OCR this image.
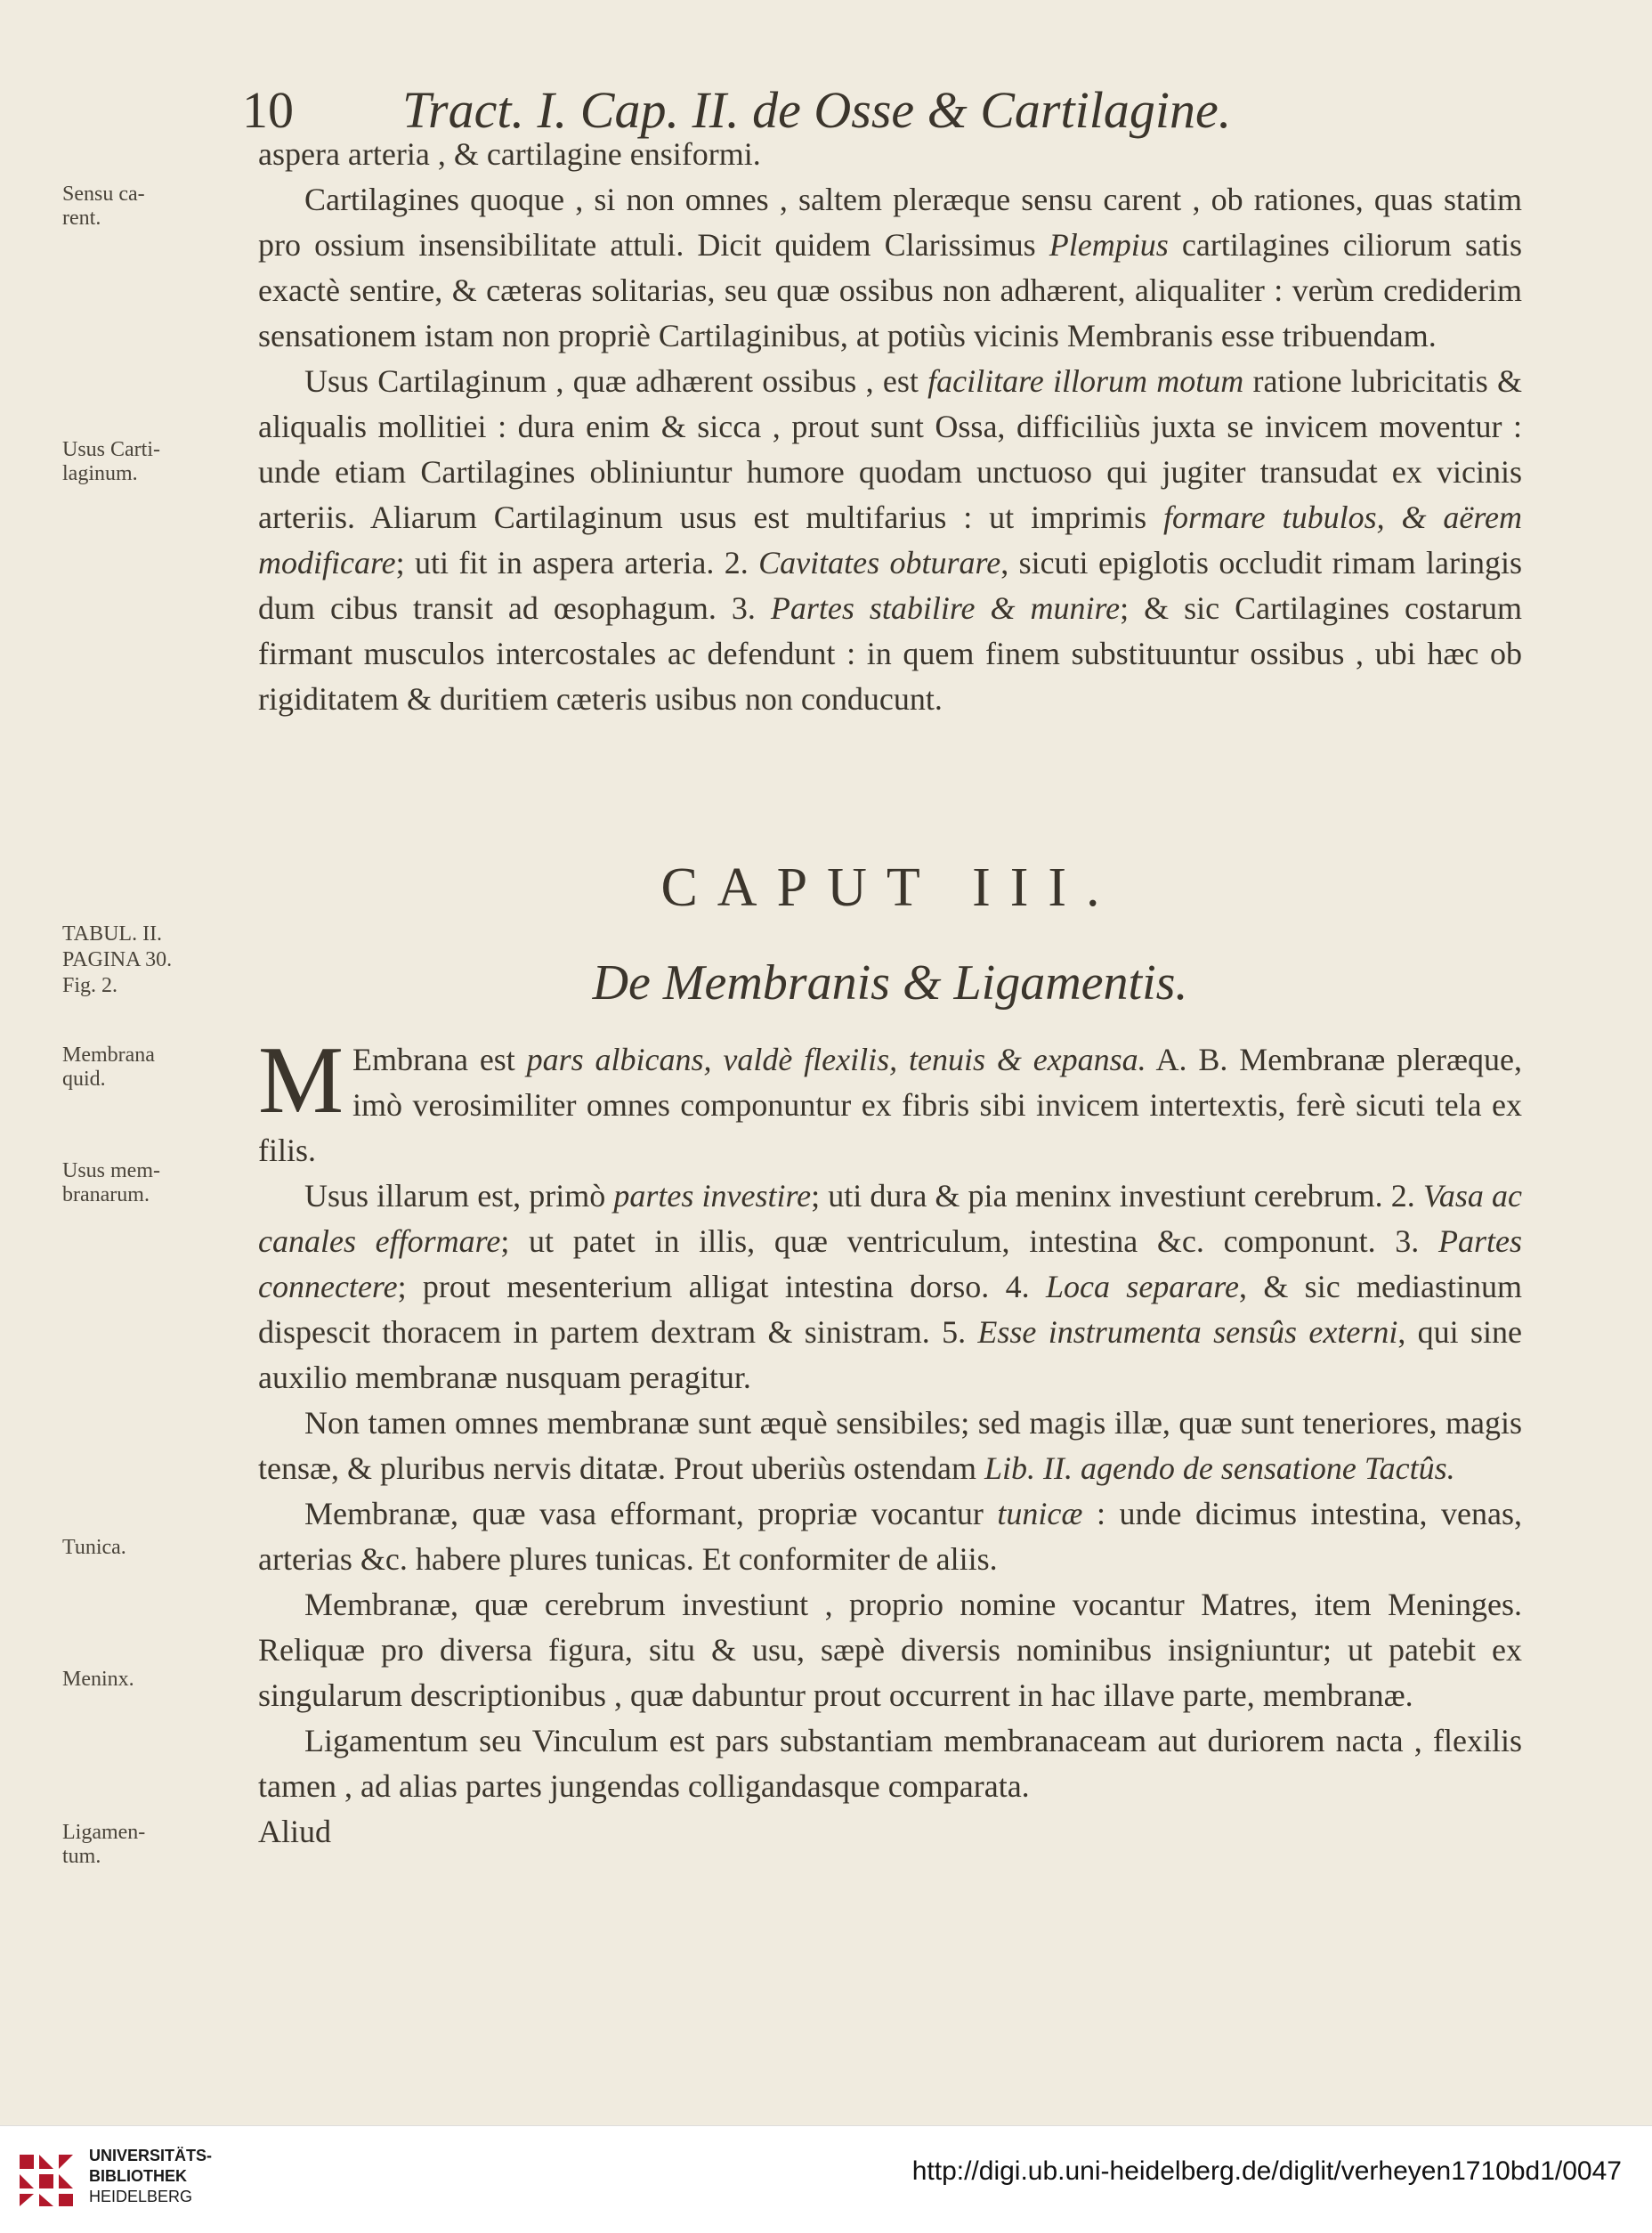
10 Tract. I. Cap. II. de Osse & Cartilagine.
Sensu ca-
rent.
Usus Carti-
laginum.
TABUL. II.
PAGINA 30.
Fig. 2.
Membrana
quid.
Usus mem-
branarum.
Tunica.
Meninx.
Ligamen-
tum.

aspera arteria , & cartilagine ensiformi.

Cartilagines quoque , si non omnes , saltem pleræque sensu carent , ob rationes, quas statim pro ossium insensibilitate attuli. Dicit quidem Clarissimus Plempius cartilagines ciliorum satis exactè sentire, & cæteras solitarias, seu quæ ossibus non adhærent, aliqualiter : verùm crediderim sensationem istam non propriè Cartilaginibus, at potiùs vicinis Membranis esse tribuendam.

Usus Cartilaginum , quæ adhærent ossibus , est facilitare illorum motum ratione lubricitatis & aliqualis mollitiei : dura enim & sicca , prout sunt Ossa, difficiliùs juxta se invicem moventur : unde etiam Cartilagines obliniuntur humore quodam unctuoso qui jugiter transudat ex vicinis arteriis. Aliarum Cartilaginum usus est multifarius : ut imprimis formare tubulos, & aërem modificare; uti fit in aspera arteria. 2. Cavitates obturare, sicuti epiglotis occludit rimam laringis dum cibus transit ad œsophagum. 3. Partes stabilire & munire; & sic Cartilagines costarum firmant musculos intercostales ac defendunt : in quem finem substituuntur ossibus , ubi hæc ob rigiditatem & duritiem cæteris usibus non conducunt.

CAPUT III.
De Membranis & Ligamentis.

M Embrana est pars albicans, valdè flexilis, tenuis & expansa. A. B. Membranæ pleræque, imò verosimiliter omnes componuntur ex fibris sibi invicem intertextis, ferè sicuti tela ex filis.

Usus illarum est, primò partes investire; uti dura & pia meninx investiunt cerebrum. 2. Vasa ac canales efformare; ut patet in illis, quæ ventriculum, intestina &c. componunt. 3. Partes connectere; prout mesenterium alligat intestina dorso. 4. Loca separare, & sic mediastinum dispescit thoracem in partem dextram & sinistram. 5. Esse instrumenta sensûs externi, qui sine auxilio membranæ nusquam peragitur.

Non tamen omnes membranæ sunt æquè sensibiles; sed magis illæ, quæ sunt teneriores, magis tensæ, & pluribus nervis ditatæ. Prout uberiùs ostendam Lib. II. agendo de sensatione Tactûs.

Membranæ, quæ vasa efformant, propriæ vocantur tunicæ : unde dicimus intestina, venas, arterias &c. habere plures tunicas. Et conformiter de aliis.

Membranæ, quæ cerebrum investiunt , proprio nomine vocantur Matres, item Meninges. Reliquæ pro diversa figura, situ & usu, sæpè diversis nominibus insigniuntur; ut patebit ex singularum descriptionibus , quæ dabuntur prout occurrent in hac illave parte, membranæ.

Ligamentum seu Vinculum est pars substantiam membranaceam aut duriorem nacta , flexilis tamen , ad alias partes jungendas colligandasque comparata.

Aliud

UNIVERSITÄTS-
BIBLIOTHEK
HEIDELBERG
http://digi.ub.uni-heidelberg.de/diglit/verheyen1710bd1/0047
